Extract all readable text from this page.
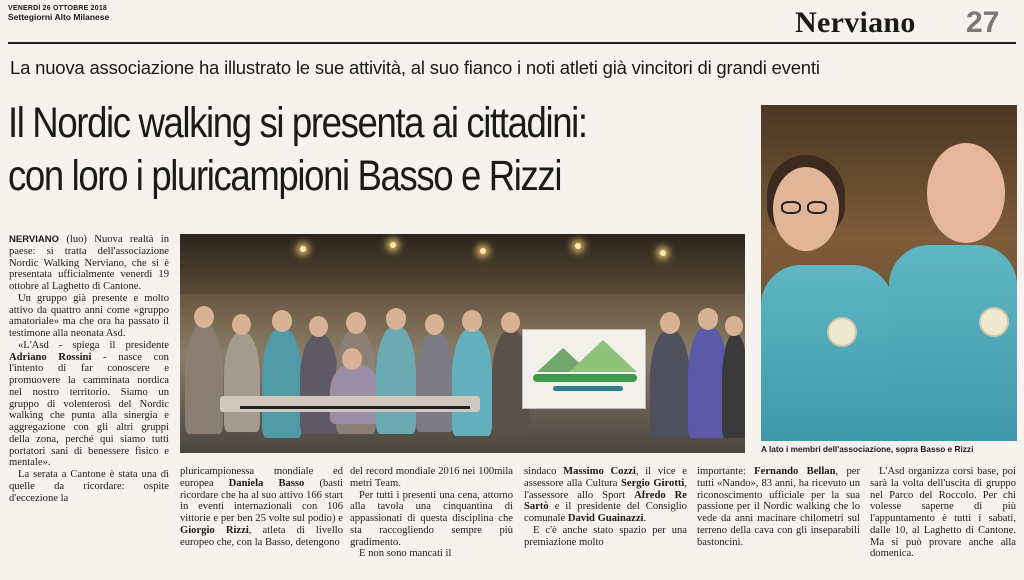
VENERDÌ 26 OTTOBRE 2018
Settegiorni Alto Milanese	Nerviano 27
La nuova associazione ha illustrato le sue attività, al suo fianco i noti atleti già vincitori di grandi eventi
Il Nordic walking si presenta ai cittadini:
con loro i pluricampioni Basso e Rizzi

NERVIANO (luo) Nuova realtà in paese: si tratta dell'associazione Nordic Walking Nerviano, che si è presentata ufficialmente venerdì 19 ottobre al Laghetto di Cantone.

Un gruppo già presente e molto attivo da quattro anni come «gruppo amatoriale» ma che ora ha passato il testimone alla neonata Asd.

«L'Asd - spiega il presidente Adriano Rossini - nasce con l'intento di far conoscere e promuovere la camminata nordica nel nostro territorio. Siamo un gruppo di volenterosi del Nordic walking che punta alla sinergia e aggregazione con gli altri gruppi della zona, perché qui siamo tutti portatori sani di benessere fisico e mentale».

La serata a Cantone è stata una di quelle da ricordare: ospite d'eccezione la

pluricampionessa mondiale ed europea Daniela Basso (basti ricordare che ha al suo attivo 166 start in eventi internazionali con 106 vittorie e per ben 25 volte sul podio) e Giorgio Rizzi, atleta di livello europeo che, con la Basso, detengono

del record mondiale 2016 nei 100mila metri Team.

Per tutti i presenti una cena, attorno alla tavola una cinquantina di appassionati di questa disciplina che sta raccogliendo sempre più gradimento.

E non sono mancati il

sindaco Massimo Cozzi, il vice e assessore alla Cultura Sergio Girotti, l'assessore allo Sport Afredo Re Sartò e il presidente del Consiglio comunale David Guainazzi.

E c'è anche stato spazio per una premiazione molto

importante: Fernando Bellan, per tutti «Nando», 83 anni, ha ricevuto un riconoscimento ufficiale per la sua passione per il Nordic walking che lo vede da anni macinare chilometri sul terreno della cava con gli inseparabili bastoncini.

L'Asd organizza corsi base, poi sarà la volta dell'uscita di gruppo nel Parco del Roccolo. Per chi volesse saperne di più l'appuntamento è tutti i sabati, dalle 10, al Laghetto di Cantone. Ma si può provare anche alla domenica.

A lato i membri dell'associazione, sopra Basso e Rizzi
